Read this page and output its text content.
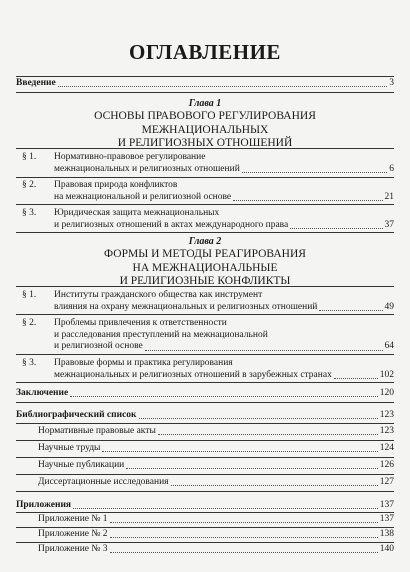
ОГЛАВЛЕНИЕ
Введение	3
Глава 1
ОСНОВЫ ПРАВОВОГО РЕГУЛИРОВАНИЯ
МЕЖНАЦИОНАЛЬНЫХ
И РЕЛИГИОЗНЫХ ОТНОШЕНИЙ
§ 1. Нормативно-правовое регулирование
межнациональных и религиозных отношений	6
§ 2. Правовая природа конфликтов
на межнациональной и религиозной основе	21
§ 3. Юридическая защита межнациональных
и религиозных отношений в актах международного права	37
Глава 2
ФОРМЫ И МЕТОДЫ РЕАГИРОВАНИЯ
НА МЕЖНАЦИОНАЛЬНЫЕ
И РЕЛИГИОЗНЫЕ КОНФЛИКТЫ
§ 1. Институты гражданского общества как инструмент
влияния на охрану межнациональных и религиозных отношений	49
§ 2. Проблемы привлечения к ответственности
и расследования преступлений на межнациональной
и религиозной основе	64
§ 3. Правовые формы и практика регулирования
межнациональных и религиозных отношений в зарубежных странах	102
Заключение	120
Библиографический список	123
Нормативные правовые акты	123
Научные труды	124
Научные публикации	126
Диссертационные исследования	127
Приложения	137
Приложение № 1	137
Приложение № 2	138
Приложение № 3	140
